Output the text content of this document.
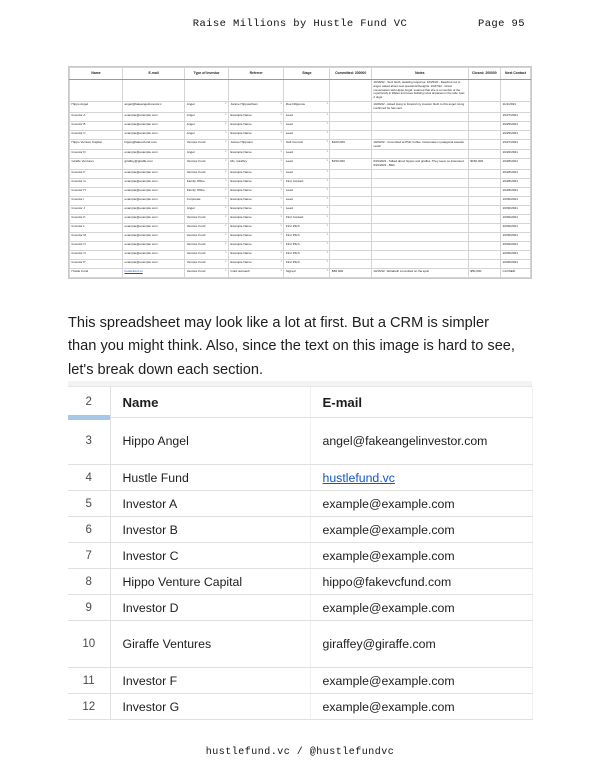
Raise Millions by Hustle Fund VC	Page 95
Name	E-mail	Type of Investor	Referrer	Stage	Committed: 300000	Notes	Closed: 200000	Next Contact
						10/18/22 - Sent blurb, awaiting response. 10/25/22 - Reached out to angel, asked about new questions/thoughts. 10/27/22 - Great conversation with Hippo Angel. Learned that she is a member of the royal family in Wales and loves building robot airplanes in the side. Has 2 dogs.		
Hippo Angel	angel@fakeangelinvestor.c	Angel ▾	Janine Hippotothem ▾	Due Diligence ▾		10/29/22 - Asked Hung to forward my investor blurb to this angel. Hung confirmed he has sent.		11/1/2021
Investor A	example@example.com	Angel ▾	Example Name ▾	Lead ▾				10/27/2021
Investor B	example@example.com	Angel ▾	Example Name ▾	Lead ▾				10/25/2021
Investor C	example@example.com	Angel ▾	Example Name ▾	Lead ▾				10/25/2021
Hippo Venture Capital	hippo@fakevcfund.com	Venture Fund ▾	James Hippoton ▾	Soft Commit ▾	$100,000	10/20/22 - Committed at Philz Coffee. Great taste in patagonia sweater vests!		10/27/2021
Investor D	example@example.com	Angel ▾	Example Name ▾	Lead ▾				10/26/2021
Giraffe Ventures	giraffey@giraffe.com	Venture Fund ▾	Ms. Giraffey ▾	Lead ▾	$150,000	9/15/2022 - Talked about hippos and giraffes. They seem so interested. 9/16/2022 - Blah.	$150,000	10/28/2021
Investor F	example@example.com	Venture Fund ▾	Example Name ▾	Lead ▾				10/28/2021
Investor G	example@example.com	Family Office ▾	Example Name ▾	First Contact ▾				10/28/2021
Investor H	example@example.com	Family Office ▾	Example Name ▾	Lead ▾				10/28/2021
Investor I	example@example.com	Corporate ▾	Example Name ▾	Lead ▾				10/30/2021
Investor J	example@example.com	Angel ▾	Example Name ▾	Lead ▾				10/30/2021
Investor K	example@example.com	Venture Fund ▾	Example Name ▾	First Contact ▾				10/30/2021
Investor L	example@example.com	Venture Fund ▾	Example Name ▾	First Pitch ▾				10/30/2021
Investor M	example@example.com	Venture Fund ▾	Example Name ▾	First Pitch ▾				10/30/2021
Investor N	example@example.com	Venture Fund ▾	Example Name ▾	First Pitch ▾				10/30/2021
Investor O	example@example.com	Venture Fund ▾	Example Name ▾	First Pitch ▾				10/30/2021
Investor P	example@example.com	Venture Fund ▾	Example Name ▾	First Pitch ▾				10/30/2021
Hustle Fund	hustlefund.vc	Venture Fund ▾	Cold outreach ▾	Signed ▾	$50,000	10/15/22 - Elizabeth committed on the spot!	$50,000	CLOSED

This spreadsheet may look like a lot at first. But a CRM is simpler than you might think. Also, since the text on this image is hard to see, let's break down each section.

2	Name	E-mail
3	Hippo Angel	angel@fakeangelinvestor.com
4	Hustle Fund	hustlefund.vc
5	Investor A	example@example.com
6	Investor B	example@example.com
7	Investor C	example@example.com
8	Hippo Venture Capital	hippo@fakevcfund.com
9	Investor D	example@example.com
10	Giraffe Ventures	giraffey@giraffe.com
11	Investor F	example@example.com
12	Investor G	example@example.com
hustlefund.vc / @hustlefundvc
